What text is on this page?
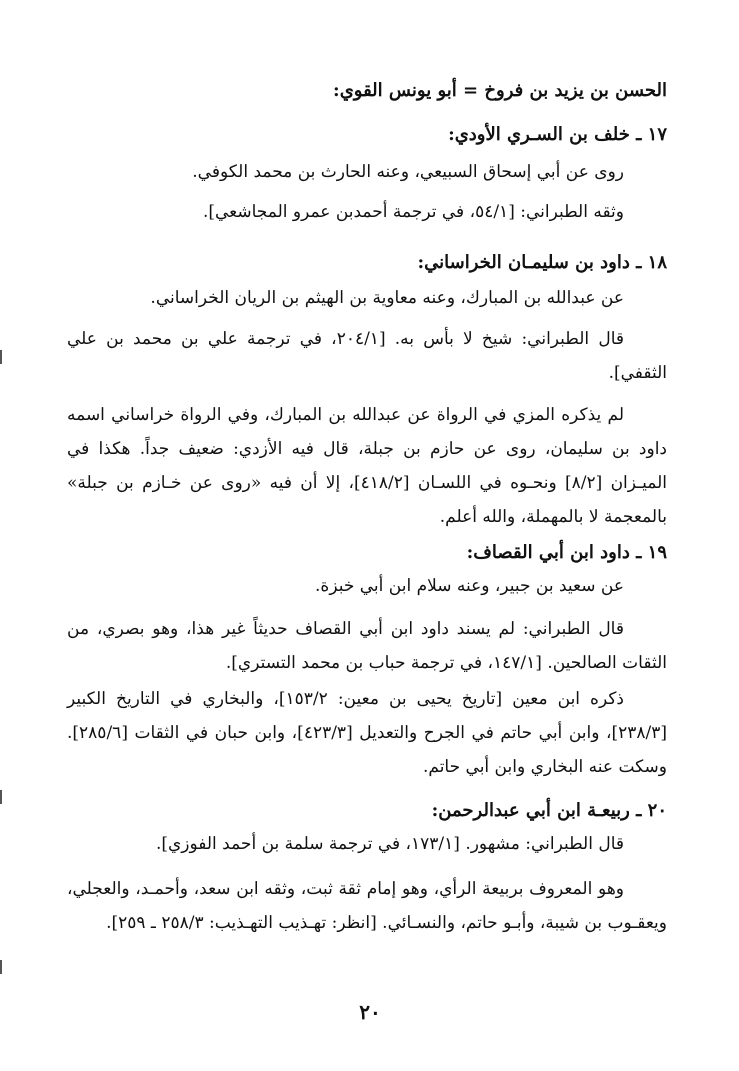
الحسن بن يزيد بن فروخ = أبو يونس القوي:
١٧ ـ خلف بن السـري الأودي:
روى عن أبي إسحاق السبيعي، وعنه الحارث بن محمد الكوفي.
وثقه الطبراني: [٥٤/١، في ترجمة أحمدبن عمرو المجاشعي].
١٨ ـ داود بن سليمـان الخراساني:
عن عبدالله بن المبارك، وعنه معاوية بن الهيثم بن الريان الخراساني.
قال الطبراني: شيخ لا بأس به. [٢٠٤/١، في ترجمة علي بن محمد بن علي الثقفي].
لم يذكره المزي في الرواة عن عبدالله بن المبارك، وفي الرواة خراساني اسمه داود بن سليمان، روى عن حازم بن جبلة، قال فيه الأزدي: ضعيف جداً. هكذا في الميـزان [٨/٢] ونحـوه في اللسـان [٤١٨/٢]، إلا أن فيه «روى عن خـازم بن جبلة» بالمعجمة لا بالمهملة، والله أعلم.
١٩ ـ داود ابن أبي القصاف:
عن سعيد بن جبير، وعنه سلام ابن أبي خبزة.
قال الطبراني: لم يسند داود ابن أبي القصاف حديثاً غير هذا، وهو بصري، من الثقات الصالحين. [١٤٧/١، في ترجمة حباب بن محمد التستري].
ذكره ابن معين [تاريخ يحيى بن معين: ١٥٣/٢]، والبخاري في التاريخ الكبير [٢٣٨/٣]، وابن أبي حاتم في الجرح والتعديل [٤٢٣/٣]، وابن حبان في الثقات [٢٨٥/٦]. وسكت عنه البخاري وابن أبي حاتم.
٢٠ ـ ربيعـة ابن أبي عبدالرحمن:
قال الطبراني: مشهور. [١٧٣/١، في ترجمة سلمة بن أحمد الفوزي].
وهو المعروف بربيعة الرأي، وهو إمام ثقة ثبت، وثقه ابن سعد، وأحمـد، والعجلي، ويعقـوب بن شيبة، وأبـو حاتم، والنسـائي. [انظر: تهـذيب التهـذيب: ٢٥٨/٣ ـ ٢٥٩].
٢٠
